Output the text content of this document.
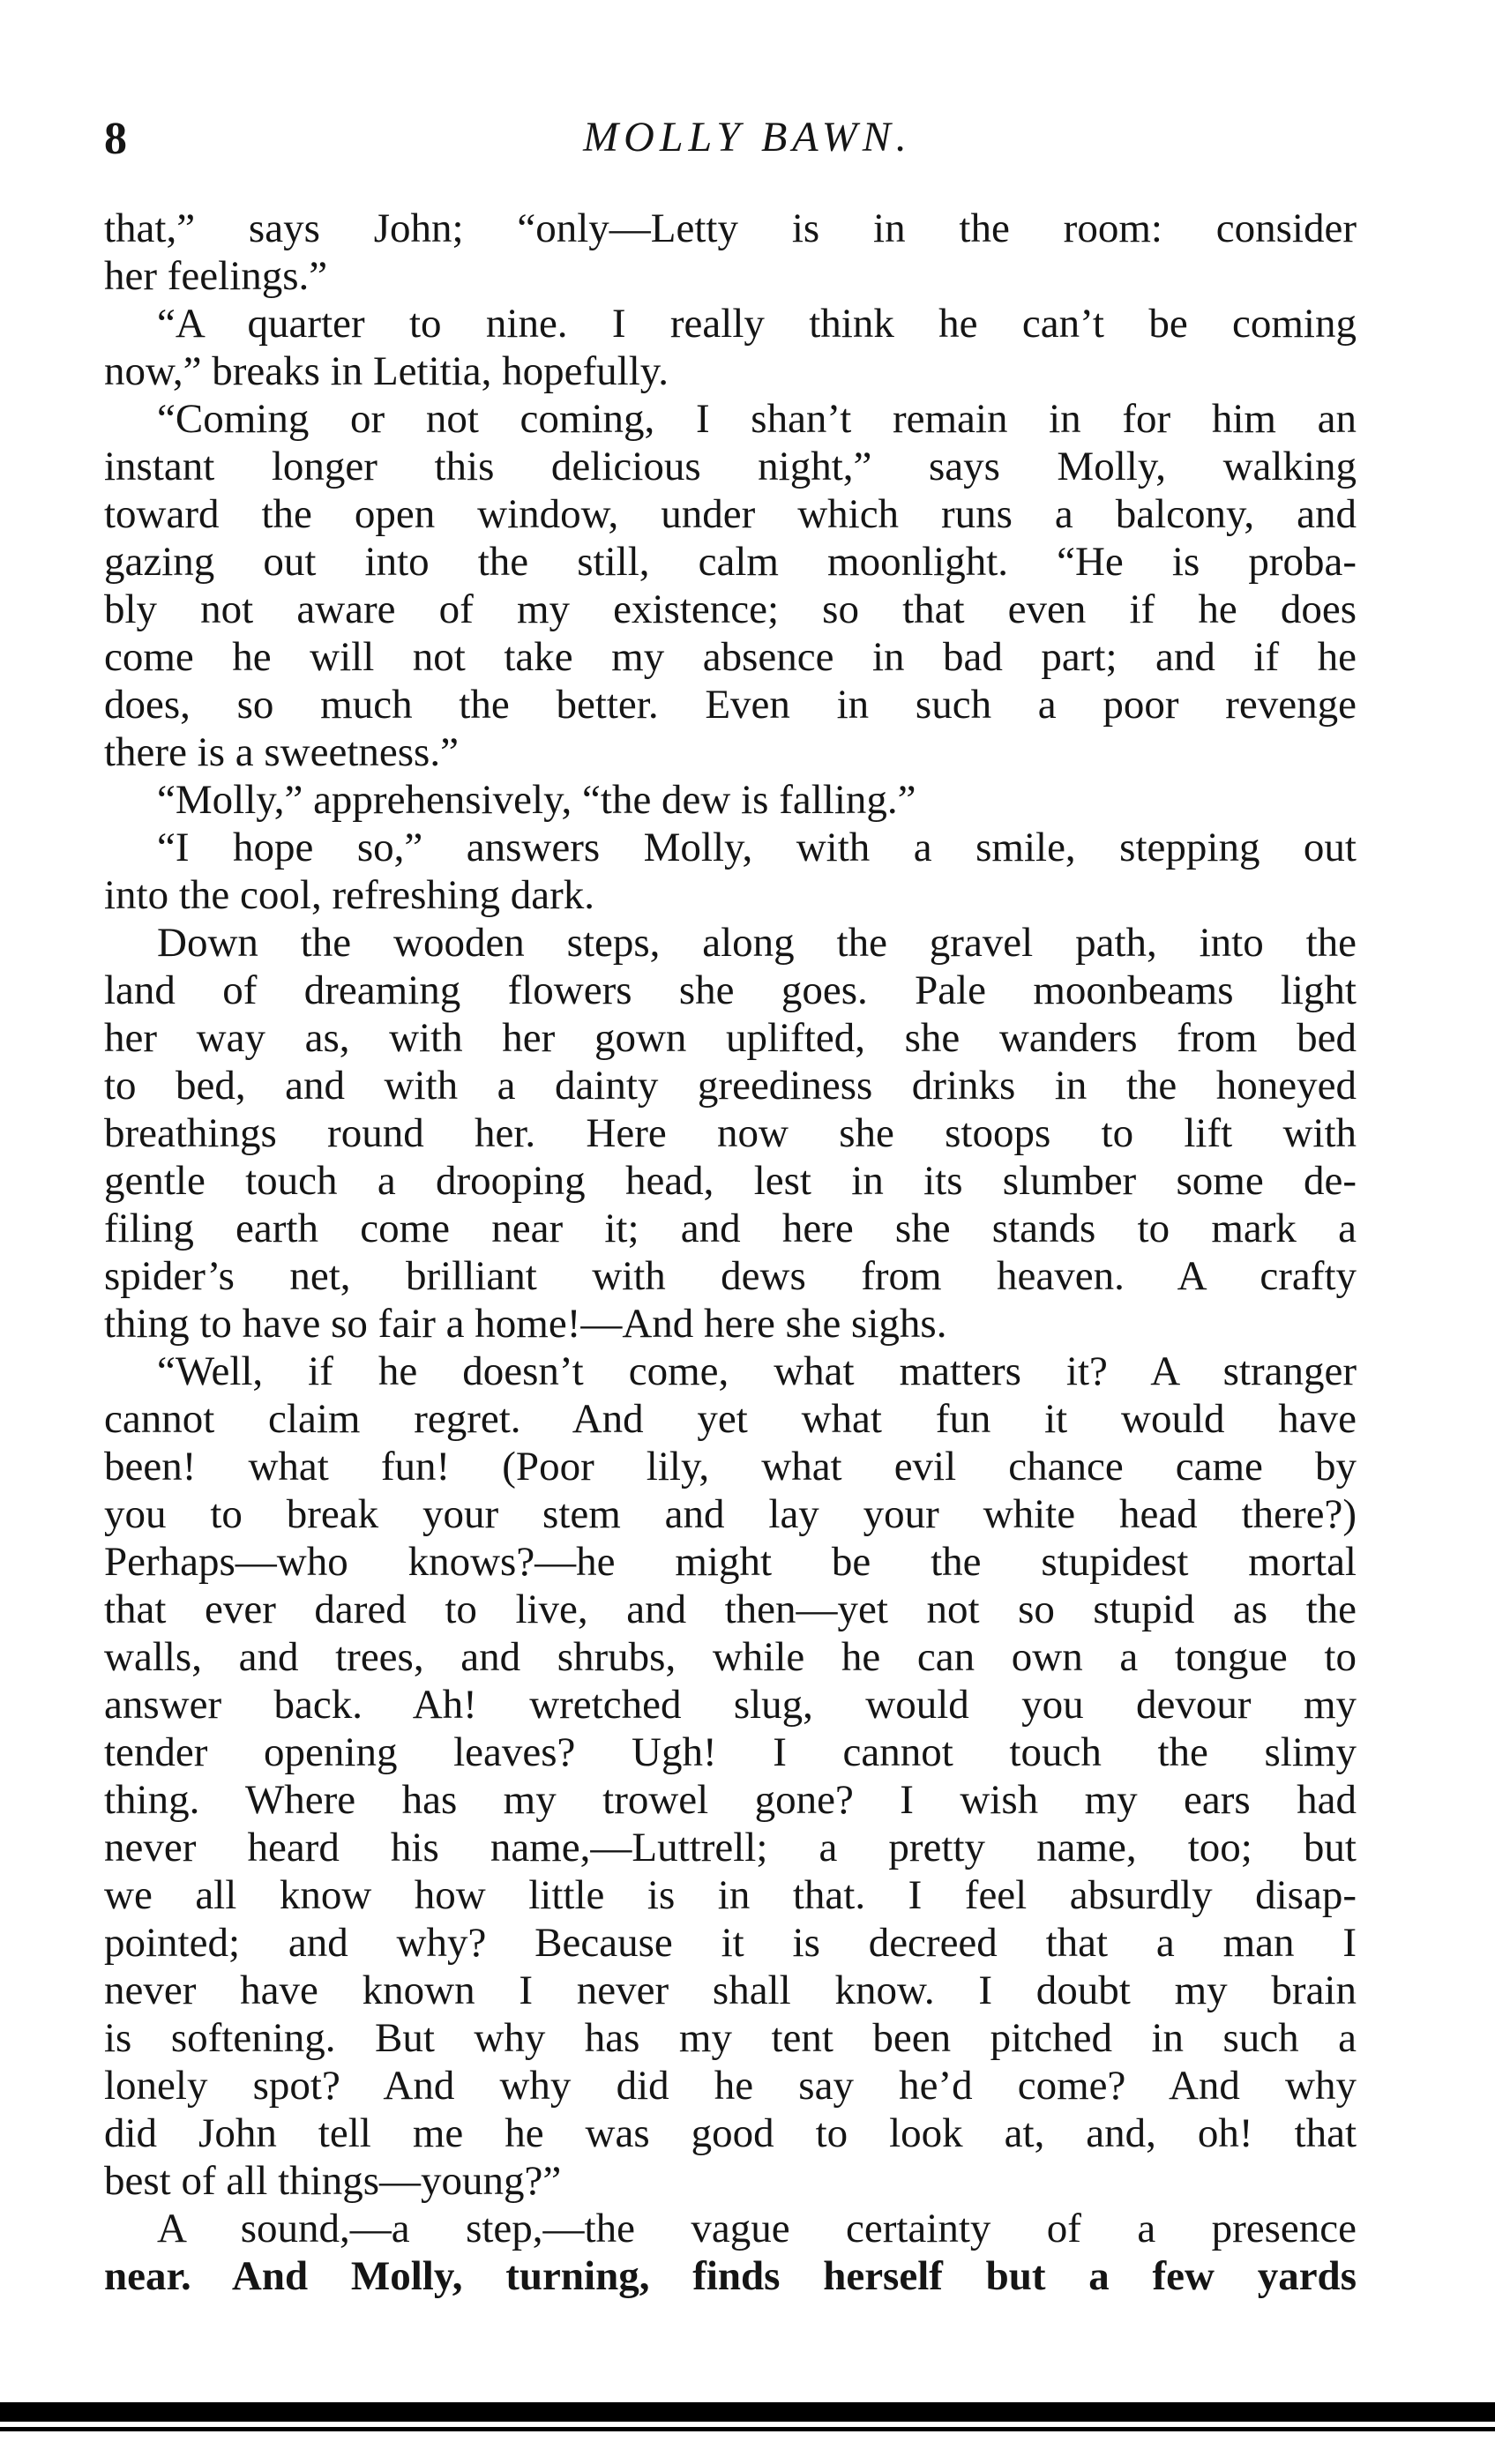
8	MOLLY BAWN.
that,” says John; “only—Letty is in the room: consider
her feelings.”
“A quarter to nine. I really think he can’t be coming
now,” breaks in Letitia, hopefully.
“Coming or not coming, I shan’t remain in for him an
instant longer this delicious night,” says Molly, walking
toward the open window, under which runs a balcony, and
gazing out into the still, calm moonlight. “He is proba-
bly not aware of my existence; so that even if he does
come he will not take my absence in bad part; and if he
does, so much the better. Even in such a poor revenge
there is a sweetness.”
“Molly,” apprehensively, “the dew is falling.”
“I hope so,” answers Molly, with a smile, stepping out
into the cool, refreshing dark.
Down the wooden steps, along the gravel path, into the
land of dreaming flowers she goes. Pale moonbeams light
her way as, with her gown uplifted, she wanders from bed
to bed, and with a dainty greediness drinks in the honeyed
breathings round her. Here now she stoops to lift with
gentle touch a drooping head, lest in its slumber some de-
filing earth come near it; and here she stands to mark a
spider’s net, brilliant with dews from heaven. A crafty
thing to have so fair a home!—And here she sighs.
“Well, if he doesn’t come, what matters it? A stranger
cannot claim regret. And yet what fun it would have
been! what fun! (Poor lily, what evil chance came by
you to break your stem and lay your white head there?)
Perhaps—who knows?—he might be the stupidest mortal
that ever dared to live, and then—yet not so stupid as the
walls, and trees, and shrubs, while he can own a tongue to
answer back. Ah! wretched slug, would you devour my
tender opening leaves? Ugh! I cannot touch the slimy
thing. Where has my trowel gone? I wish my ears had
never heard his name,—Luttrell; a pretty name, too; but
we all know how little is in that. I feel absurdly disap-
pointed; and why? Because it is decreed that a man I
never have known I never shall know. I doubt my brain
is softening. But why has my tent been pitched in such a
lonely spot? And why did he say he’d come? And why
did John tell me he was good to look at, and, oh! that
best of all things—young?”
A sound,—a step,—the vague certainty of a presence
near. And Molly, turning, finds herself but a few yards
